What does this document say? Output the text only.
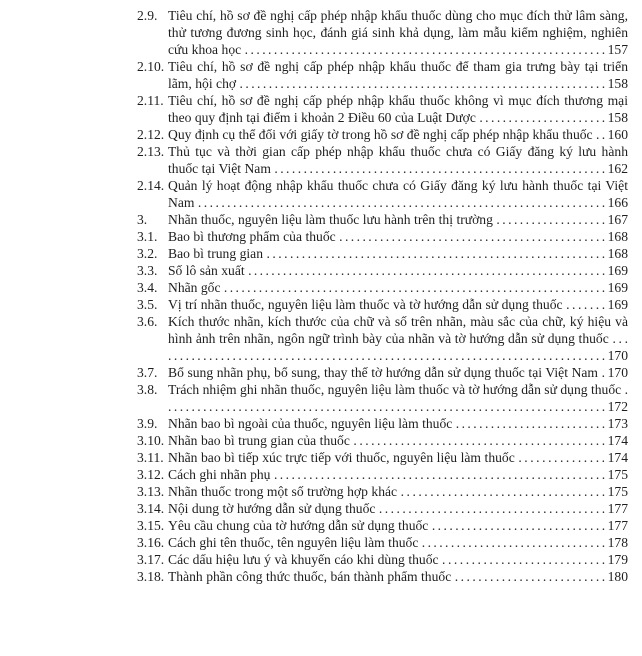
2.9. Tiêu chí, hồ sơ đề nghị cấp phép nhập khẩu thuốc dùng cho mục đích thử lâm sàng, thử tương đương sinh học, đánh giá sinh khả dụng, làm mẫu kiểm nghiệm, nghiên cứu khoa học . . . . . . . . . . . . . . . . . . . . . . . . . . . . . . . . . . . . . . . . . . . . . . . . . . . . . . . . . . . . . . 157
2.10. Tiêu chí, hồ sơ đề nghị cấp phép nhập khẩu thuốc để tham gia trưng bày tại triển lãm, hội chợ . . . . . . . . . . . . . . . . . . . . . . . . . . . . . . . . . . . . . . . . . . . . . . . . . . . . . . . . . . . . . . . 158
2.11. Tiêu chí, hồ sơ đề nghị cấp phép nhập khẩu thuốc không vì mục đích thương mại theo quy định tại điểm i khoản 2 Điều 60 của Luật Dược . . . . . . . . . . . . . . . . . . . . . . 158
2.12. Quy định cụ thể đối với giấy tờ trong hồ sơ đề nghị cấp phép nhập khẩu thuốc . . 160
2.13. Thủ tục và thời gian cấp phép nhập khẩu thuốc chưa có Giấy đăng ký lưu hành thuốc tại Việt Nam . . . . . . . . . . . . . . . . . . . . . . . . . . . . . . . . . . . . . . . . . . . . . . . . . . . . . . . . . 162
2.14. Quản lý hoạt động nhập khẩu thuốc chưa có Giấy đăng ký lưu hành thuốc tại Việt Nam . . . . . . . . . . . . . . . . . . . . . . . . . . . . . . . . . . . . . . . . . . . . . . . . . . . . . . . . . . . . . . . . . . . . . . 166
3.	Nhãn thuốc, nguyên liệu làm thuốc lưu hành trên thị trường . . . . . . . . . . . . . . . . . . . 167
3.1. Bao bì thương phẩm của thuốc . . . . . . . . . . . . . . . . . . . . . . . . . . . . . . . . . . . . . . . . . . . . . . 168
3.2. Bao bì trung gian . . . . . . . . . . . . . . . . . . . . . . . . . . . . . . . . . . . . . . . . . . . . . . . . . . . . . . . . . . 168
3.3. Số lô sản xuất . . . . . . . . . . . . . . . . . . . . . . . . . . . . . . . . . . . . . . . . . . . . . . . . . . . . . . . . . . . . . . 169
3.4. Nhãn gốc . . . . . . . . . . . . . . . . . . . . . . . . . . . . . . . . . . . . . . . . . . . . . . . . . . . . . . . . . . . . . . . . . . 169
3.5. Vị trí nhãn thuốc, nguyên liệu làm thuốc và tờ hướng dẫn sử dụng thuốc . . . . . . . 169
3.6. Kích thước nhãn, kích thước của chữ và số trên nhãn, màu sắc của chữ, ký hiệu và hình ảnh trên nhãn, ngôn ngữ trình bày của nhãn và tờ hướng dẫn sử dụng thuốc . . . . . . . . . . . . . . . . . . . . . . . . . . . . . . . . . . . . . . . . . . . . . . . . . . . . . . . . . . . . . . . . . . . . . . . . . . . . . . 170
3.7. Bổ sung nhãn phụ, bổ sung, thay thế tờ hướng dẫn sử dụng thuốc tại Việt Nam . 170
3.8. Trách nhiệm ghi nhãn thuốc, nguyên liệu làm thuốc và tờ hướng dẫn sử dụng thuốc . . . . . . . . . . . . . . . . . . . . . . . . . . . . . . . . . . . . . . . . . . . . . . . . . . . . . . . . . . . . . . . . . . . . . . . . . . . . 172
3.9. Nhãn bao bì ngoài của thuốc, nguyên liệu làm thuốc . . . . . . . . . . . . . . . . . . . . . . . . . . 173
3.10. Nhãn bao bì trung gian của thuốc . . . . . . . . . . . . . . . . . . . . . . . . . . . . . . . . . . . . . . . . . . . 174
3.11. Nhãn bao bì tiếp xúc trực tiếp với thuốc, nguyên liệu làm thuốc . . . . . . . . . . . . . . . 174
3.12. Cách ghi nhãn phụ . . . . . . . . . . . . . . . . . . . . . . . . . . . . . . . . . . . . . . . . . . . . . . . . . . . . . . . . . 175
3.13. Nhãn thuốc trong một số trường hợp khác . . . . . . . . . . . . . . . . . . . . . . . . . . . . . . . . . . . 175
3.14. Nội dung tờ hướng dẫn sử dụng thuốc . . . . . . . . . . . . . . . . . . . . . . . . . . . . . . . . . . . . . . . 177
3.15. Yêu cầu chung của tờ hướng dẫn sử dụng thuốc . . . . . . . . . . . . . . . . . . . . . . . . . . . . . . 177
3.16. Cách ghi tên thuốc, tên nguyên liệu làm thuốc . . . . . . . . . . . . . . . . . . . . . . . . . . . . . . . . 178
3.17. Các dấu hiệu lưu ý và khuyến cáo khi dùng thuốc . . . . . . . . . . . . . . . . . . . . . . . . . . . . 179
3.18. Thành phần công thức thuốc, bán thành phẩm thuốc . . . . . . . . . . . . . . . . . . . . . . . . . . 180
